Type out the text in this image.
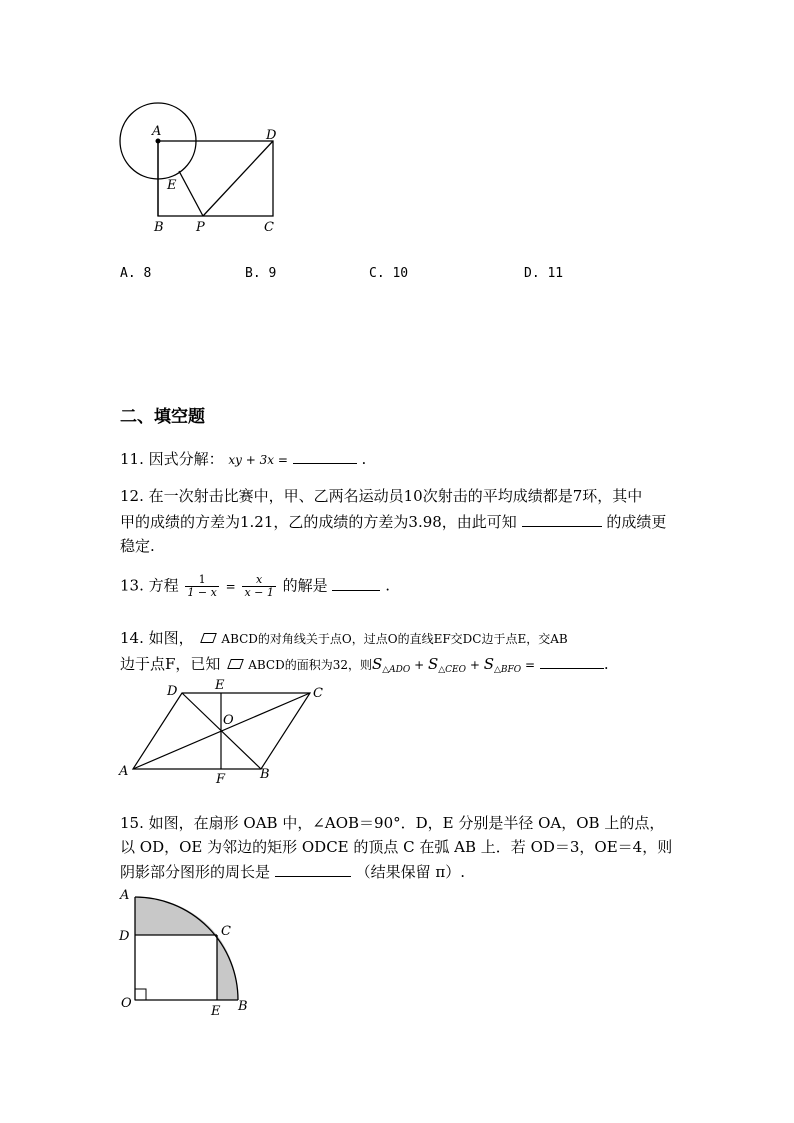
A	D
E
B P	C
A. 8	B. 9	C. 10	D. 11
二、填空题
11. 因式分解： xy + 3x =	.
12. 在一次射击比赛中，甲、乙两名运动员10次射击的平均成绩都是7环，其中
甲的成绩的方差为1.21，乙的成绩的方差为3.98，由此可知	的成绩更
稳定.
13. 方程 $\frac{1}{1 - x} = \frac{x}{x - 1}$ 的解是	.
14. 如图， ABCD的对角线关于点O，过点O的直线EF交DC边于点E，交AB
边于点F，已知 ABCD的面积为32，则$S_{\triangle ADO} + S_{\triangle CEO} + S_{\triangle BFO}$ =	.
D	E
C
O
A
F	B
15. 如图，在扇形 OAB 中，∠AOB＝90°．D，E 分别是半径 OA，OB 上的点，
以 OD，OE 为邻边的矩形 ODCE 的顶点 C 在弧 AB 上．若 OD＝3，OE＝4，则
阴影部分图形的周长是	（结果保留 π）.
A
D	C
O
E B
